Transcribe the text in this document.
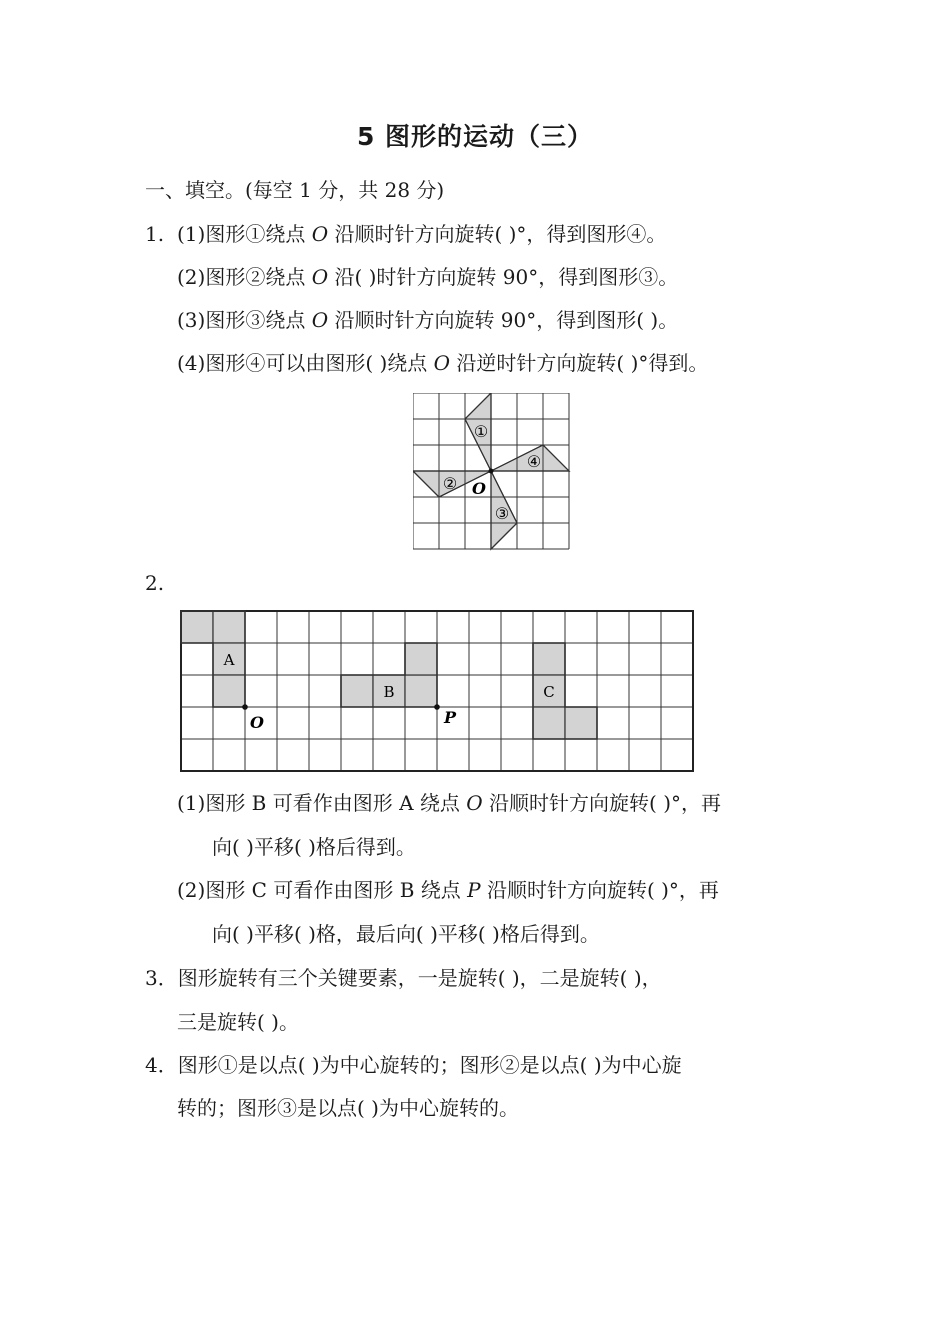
5 图形的运动（三）
一、填空。(每空 1 分，共 28 分)
1. (1)图形①绕点 O 沿顺时针方向旋转( )°，得到图形④。
(2)图形②绕点 O 沿( )时针方向旋转 90°，得到图形③。
(3)图形③绕点 O 沿顺时针方向旋转 90°，得到图形( )。
(4)图形④可以由图形( )绕点 O 沿逆时针方向旋转( )°得到。
①
④
③
② O
2.
A
B	C
O	P
(1)图形 B 可看作由图形 A 绕点 O 沿顺时针方向旋转( )°，再
向( )平移( )格后得到。
(2)图形 C 可看作由图形 B 绕点 P 沿顺时针方向旋转( )°，再
向( )平移( )格，最后向( )平移( )格后得到。
3．图形旋转有三个关键要素，一是旋转( )，二是旋转( )，
三是旋转( )。
4．图形①是以点( )为中心旋转的；图形②是以点( )为中心旋
转的；图形③是以点( )为中心旋转的。
